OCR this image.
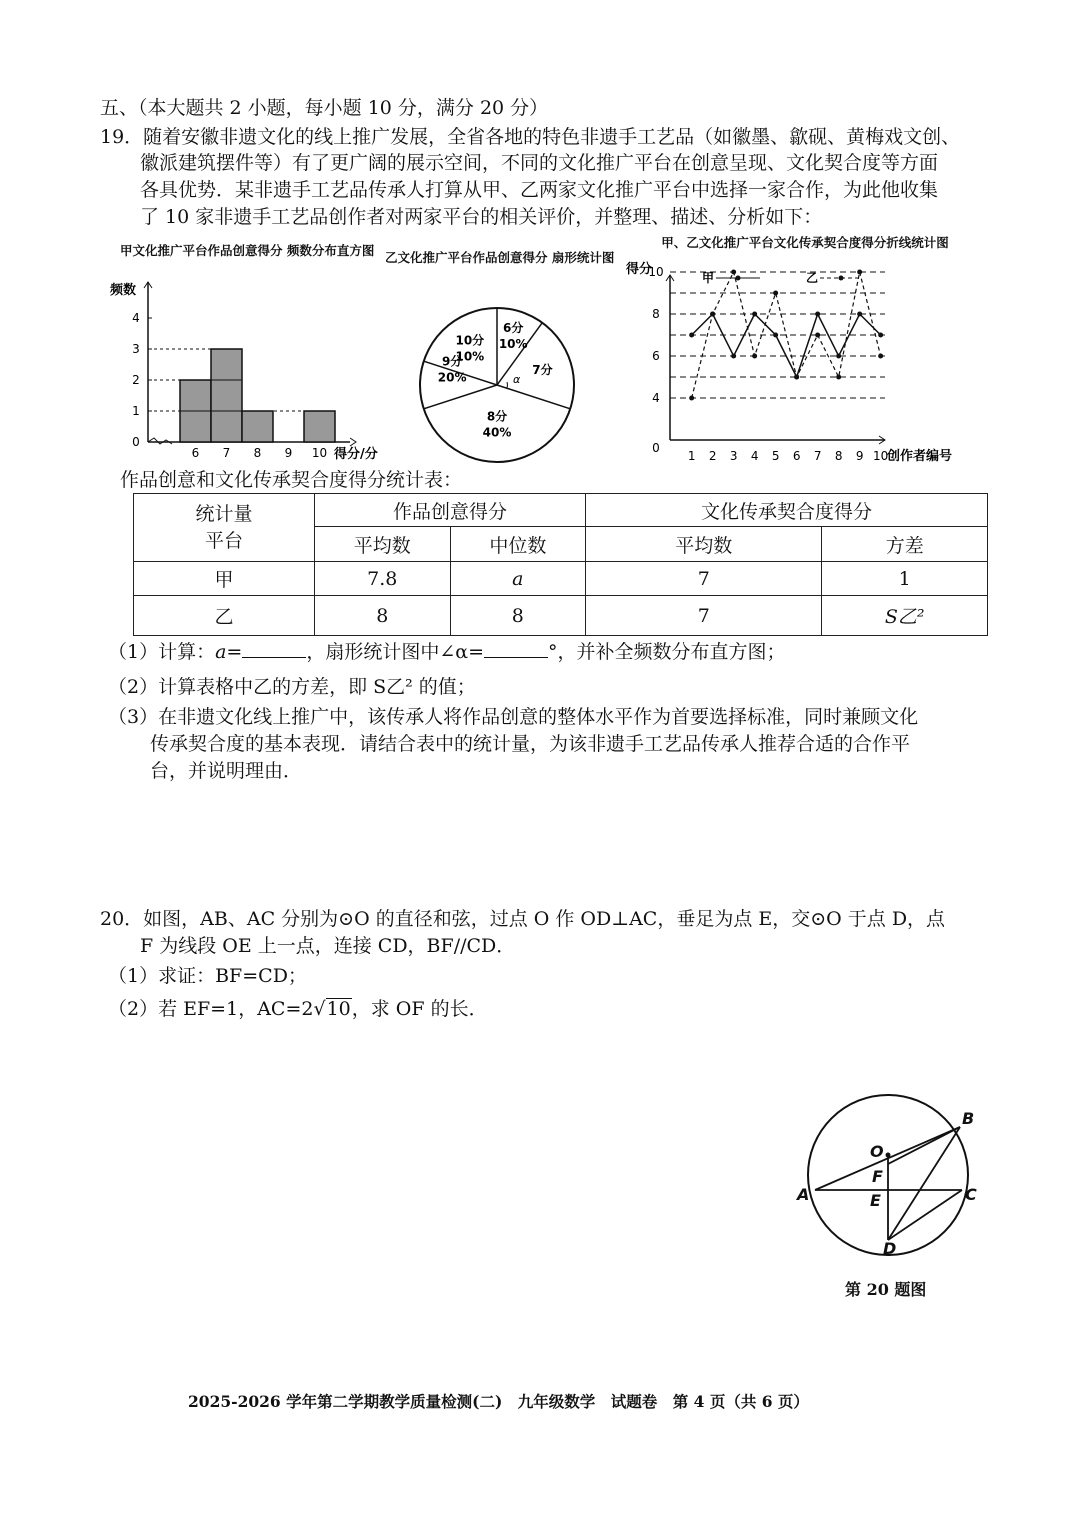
五、（本大题共 2 小题，每小题 10 分，满分 20 分）
19．随着安徽非遗文化的线上推广发展，全省各地的特色非遗手工艺品（如徽墨、歙砚、黄梅戏文创、
徽派建筑摆件等）有了更广阔的展示空间，不同的文化推广平台在创意呈现、文化契合度等方面
各具优势．某非遗手工艺品传承人打算从甲、乙两家文化推广平台中选择一家合作，为此他收集
了 10 家非遗手工艺品创作者对两家平台的相关评价，并整理、描述、分析如下：
甲文化推广平台作品创意得分 频数分布直方图
频数
得分/分
0
1
2
3
4
6 7 8 9 10
乙文化推广平台作品创意得分 扇形统计图
10分
10%
6分
10%
7分
α
8分
40%
9分
20%
甲、乙文化推广平台文化传承契合度得分折线统计图
得分
创作者编号
0
4
6
8
10
1 2 3 4 5 6 7 8 9 10
甲	乙
作品创意和文化传承契合度得分统计表：
统计量
平台	作品创意得分		文化传承契合度得分	
	平均数	中位数	平均数	方差
甲	7.8	a	7	1
乙	8	8	7	S乙²
（1）计算：a=	，扇形统计图中∠α=	°，并补全频数分布直方图；
（2）计算表格中乙的方差，即 S乙² 的值；
（3）在非遗文化线上推广中，该传承人将作品创意的整体水平作为首要选择标准，同时兼顾文化
传承契合度的基本表现．请结合表中的统计量，为该非遗手工艺品传承人推荐合适的合作平
台，并说明理由．
20．如图，AB、AC 分别为⊙O 的直径和弦，过点 O 作 OD⊥AC，垂足为点 E，交⊙O 于点 D，点
F 为线段 OE 上一点，连接 CD，BF//CD．
（1）求证：BF=CD；
（2）若 EF=1，AC=2√10，求 OF 的长．
O
B
F
A	E	C
D
第 20 题图
2025-2026 学年第二学期教学质量检测(二)　九年级数学　试题卷　第 4 页（共 6 页）
